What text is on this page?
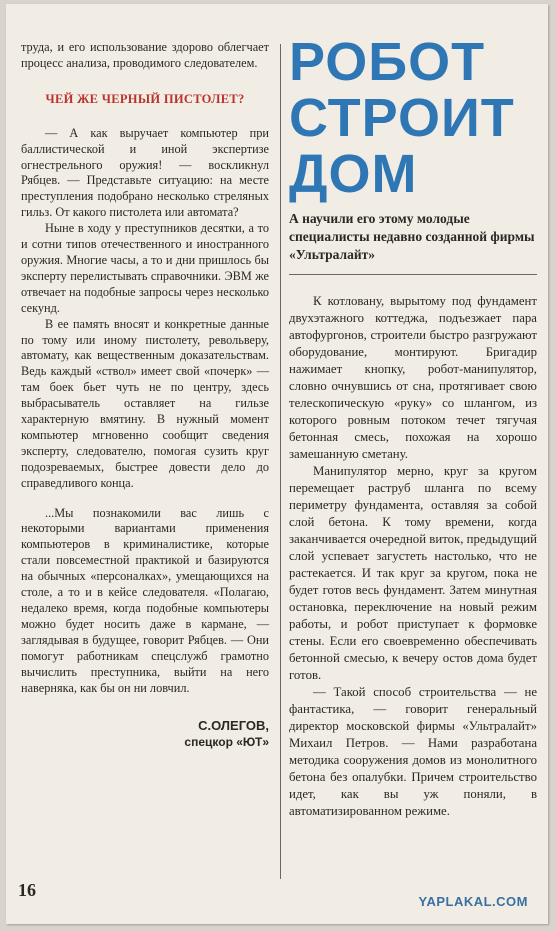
труда, и его использование здорово облегчает процесс анализа, проводимого следователем.

ЧЕЙ ЖЕ ЧЕРНЫЙ ПИСТОЛЕТ?

— А как выручает компьютер при баллистической и иной экспертизе огнестрельного оружия! — воскликнул Рябцев. — Представьте ситуацию: на месте преступления подобрано несколько стреляных гильз. От какого пистолета или автомата?

Ныне в ходу у преступников десятки, а то и сотни типов отечественного и иностранного оружия. Многие часы, а то и дни пришлось бы эксперту перелистывать справочники. ЭВМ же отвечает на подобные запросы через несколько секунд.

В ее память вносят и конкретные данные по тому или иному пистолету, револьверу, автомату, как вещественным доказательствам. Ведь каждый «ствол» имеет свой «почерк» — там боек бьет чуть не по центру, здесь выбрасыватель оставляет на гильзе характерную вмятину. В нужный момент компьютер мгновенно сообщит сведения эксперту, следователю, помогая сузить круг подозреваемых, быстрее довести дело до справедливого конца.

...Мы познакомили вас лишь с некоторыми вариантами применения компьютеров в криминалистике, которые стали повсеместной практикой и базируются на обычных «персоналках», умещающихся на столе, а то и в кейсе следователя. «Полагаю, недалеко время, когда подобные компьютеры можно будет носить даже в кармане, — заглядывая в будущее, говорит Рябцев. — Они помогут работникам спецслужб грамотно вычислить преступника, выйти на него наверняка, как бы он ни ловчил.

С.ОЛЕГОВ,
спецкор «ЮТ»
РОБОТ
СТРОИТ
ДОМ
А научили его этому молодые специалисты недавно созданной фирмы «Ультралайт»

К котловану, вырытому под фундамент двухэтажного коттеджа, подъезжает пара автофургонов, строители быстро разгружают оборудование, монтируют. Бригадир нажимает кнопку, робот-манипулятор, словно очнувшись от сна, протягивает свою телескопическую «руку» со шлангом, из которого ровным потоком течет тягучая бетонная смесь, похожая на хорошо замешанную сметану.

Манипулятор мерно, круг за кругом перемещает раструб шланга по всему периметру фундамента, оставляя за собой слой бетона. К тому времени, когда заканчивается очередной виток, предыдущий слой успевает загустеть настолько, что не растекается. И так круг за кругом, пока не будет готов весь фундамент. Затем минутная остановка, переключение на новый режим работы, и робот приступает к формовке стены. Если его своевременно обеспечивать бетонной смесью, к вечеру остов дома будет готов.

— Такой способ строительства — не фантастика, — говорит генеральный директор московской фирмы «Ультралайт» Михаил Петров. — Нами разработана методика сооружения домов из монолитного бетона без опалубки. Причем строительство идет, как вы уж поняли, в автоматизированном режиме.

16
YAPLAKAL.COM
